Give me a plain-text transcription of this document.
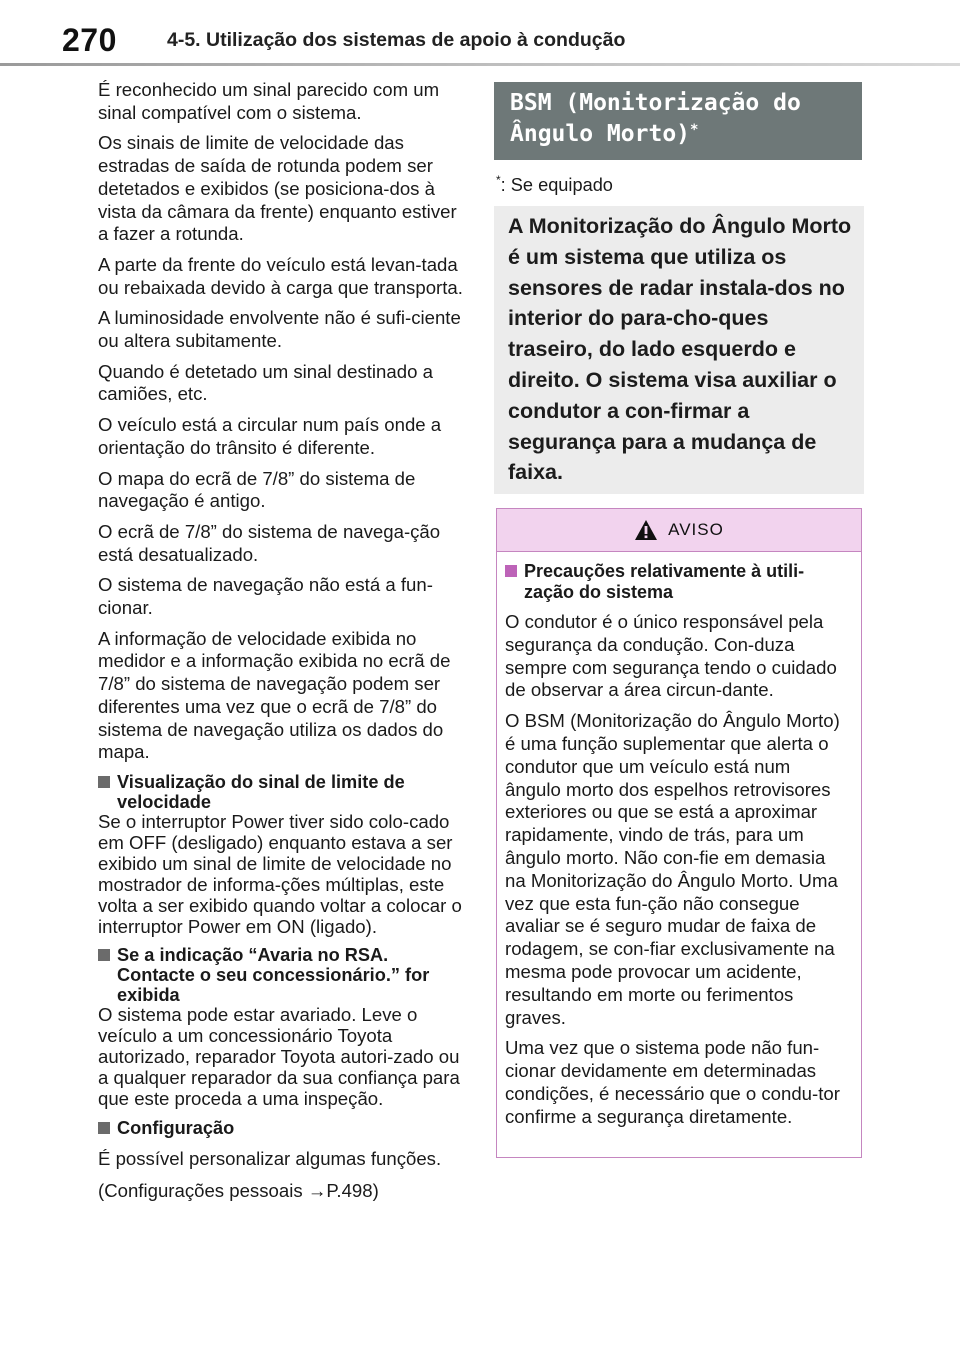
270	4-5. Utilização dos sistemas de apoio à condução

É reconhecido um sinal parecido com um sinal compatível com o sistema.

Os sinais de limite de velocidade das estradas de saída de rotunda podem ser detetados e exibidos (se posiciona-dos à vista da câmara da frente) enquanto estiver a fazer a rotunda.

A parte da frente do veículo está levan-tada ou rebaixada devido à carga que transporta.

A luminosidade envolvente não é sufi-ciente ou altera subitamente.

Quando é detetado um sinal destinado a camiões, etc.

O veículo está a circular num país onde a orientação do trânsito é diferente.

O mapa do ecrã de 7/8” do sistema de navegação é antigo.

O ecrã de 7/8” do sistema de navega-ção está desatualizado.

O sistema de navegação não está a fun-cionar.

A informação de velocidade exibida no medidor e a informação exibida no ecrã de 7/8” do sistema de navegação podem ser diferentes uma vez que o ecrã de 7/8” do sistema de navegação utiliza os dados do mapa.

Visualização do sinal de limite de velocidade

Se o interruptor Power tiver sido colo-cado em OFF (desligado) enquanto estava a ser exibido um sinal de limite de velocidade no mostrador de informa-ções múltiplas, este volta a ser exibido quando voltar a colocar o interruptor Power em ON (ligado).

Se a indicação “Avaria no RSA. Contacte o seu concessionário.” for exibida

O sistema pode estar avariado. Leve o veículo a um concessionário Toyota autorizado, reparador Toyota autori-zado ou a qualquer reparador da sua confiança para que este proceda a uma inspeção.

Configuração

É possível personalizar algumas funções.

(Configurações pessoais →P.498)

BSM (Monitorização do Ângulo Morto)*
*: Se equipado
A Monitorização do Ângulo Morto é um sistema que utiliza os sensores de radar instala-dos no interior do para-cho-ques traseiro, do lado esquerdo e direito. O sistema visa auxiliar o condutor a con-firmar a segurança para a mudança de faixa.
AVISO
Precauções relativamente à utili-zação do sistema

O condutor é o único responsável pela segurança da condução. Con-duza sempre com segurança tendo o cuidado de observar a área circun-dante.

O BSM (Monitorização do Ângulo Morto) é uma função suplementar que alerta o condutor que um veículo está num ângulo morto dos espelhos retrovisores exteriores ou que se está a aproximar rapidamente, vindo de trás, para um ângulo morto. Não con-fie em demasia na Monitorização do Ângulo Morto. Uma vez que esta fun-ção não consegue avaliar se é seguro mudar de faixa de rodagem, se con-fiar exclusivamente na mesma pode provocar um acidente, resultando em morte ou ferimentos graves.

Uma vez que o sistema pode não fun-cionar devidamente em determinadas condições, é necessário que o condu-tor confirme a segurança diretamente.
